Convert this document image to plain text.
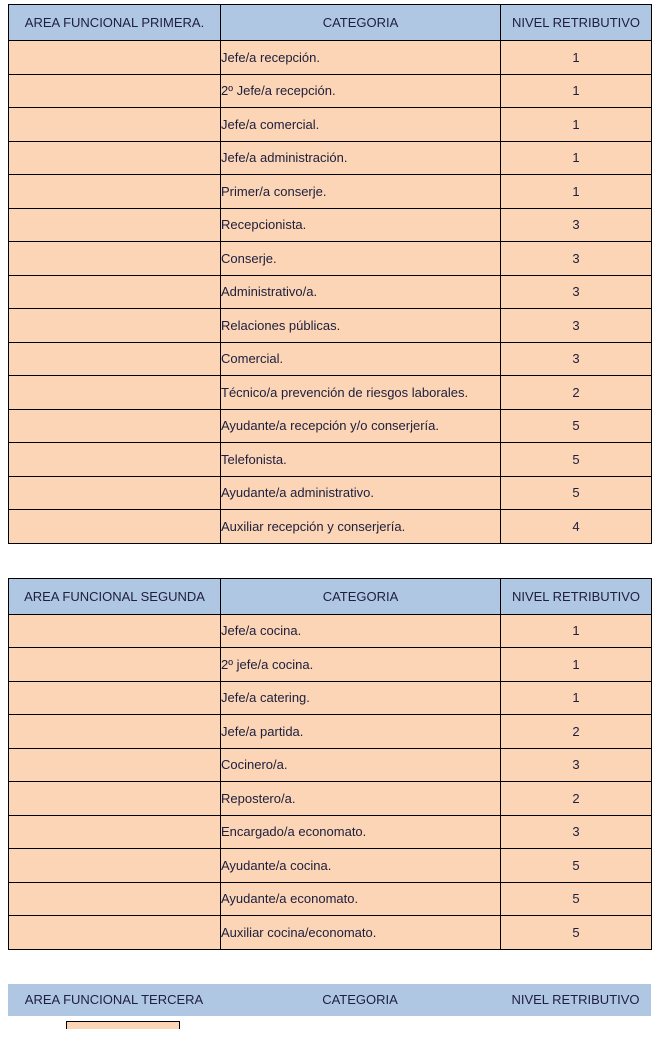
AREA FUNCIONAL PRIMERA.	CATEGORIA	NIVEL RETRIBUTIVO
	Jefe/a recepción.	1
	2º Jefe/a recepción.	1
	Jefe/a comercial.	1
	Jefe/a administración.	1
	Primer/a conserje.	1
	Recepcionista.	3
	Conserje.	3
	Administrativo/a.	3
	Relaciones públicas.	3
	Comercial.	3
	Técnico/a prevención de riesgos laborales.	2
	Ayudante/a recepción y/o conserjería.	5
	Telefonista.	5
	Ayudante/a administrativo.	5
	Auxiliar recepción y conserjería.	4
AREA FUNCIONAL SEGUNDA	CATEGORIA	NIVEL RETRIBUTIVO
	Jefe/a cocina.	1
	2º jefe/a cocina.	1
	Jefe/a catering.	1
	Jefe/a partida.	2
	Cocinero/a.	3
	Repostero/a.	2
	Encargado/a economato.	3
	Ayudante/a cocina.	5
	Ayudante/a economato.	5
	Auxiliar cocina/economato.	5
AREA FUNCIONAL TERCERA	CATEGORIA	NIVEL RETRIBUTIVO
